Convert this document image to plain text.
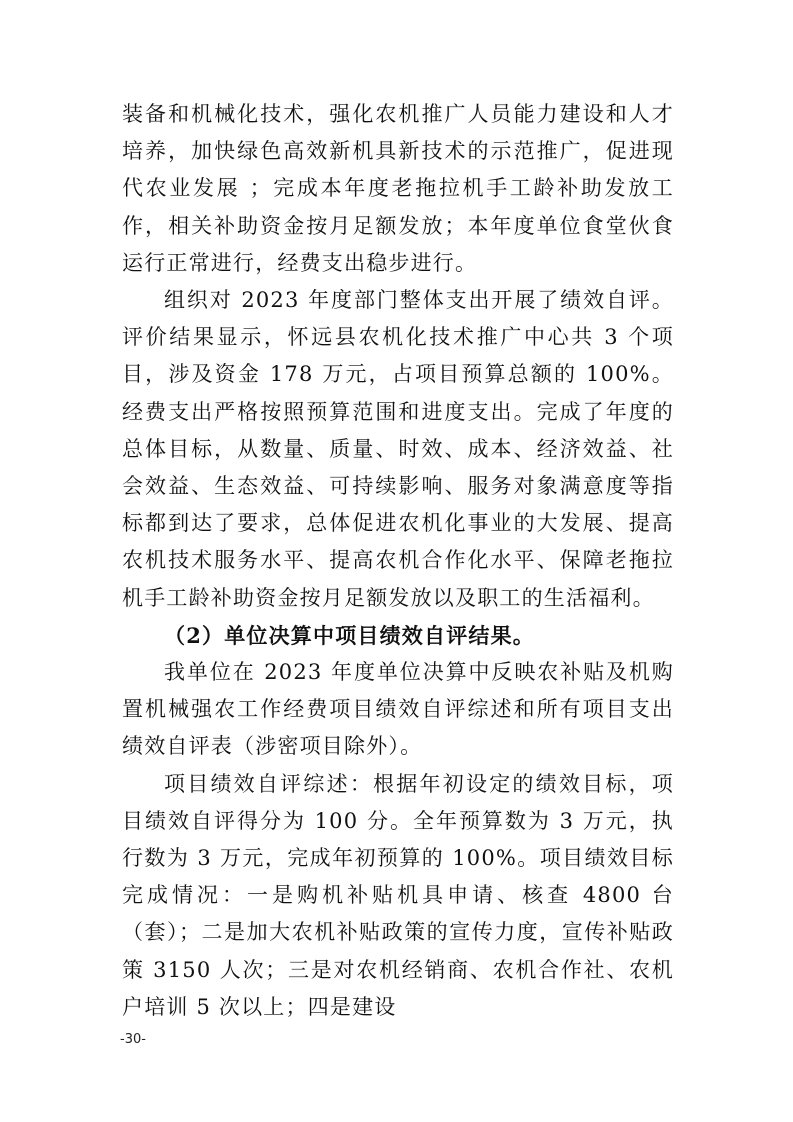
装备和机械化技术，强化农机推广人员能力建设和人才培养，加快绿色高效新机具新技术的示范推广，促进现代农业发展 ；完成本年度老拖拉机手工龄补助发放工作，相关补助资金按月足额发放；本年度单位食堂伙食运行正常进行，经费支出稳步进行。

组织对 2023 年度部门整体支出开展了绩效自评。评价结果显示，怀远县农机化技术推广中心共 3 个项目，涉及资金 178 万元，占项目预算总额的 100%。经费支出严格按照预算范围和进度支出。完成了年度的总体目标，从数量、质量、时效、成本、经济效益、社会效益、生态效益、可持续影响、服务对象满意度等指标都到达了要求，总体促进农机化事业的大发展、提高农机技术服务水平、提高农机合作化水平、保障老拖拉机手工龄补助资金按月足额发放以及职工的生活福利。

（2）单位决算中项目绩效自评结果。

我单位在 2023 年度单位决算中反映农补贴及机购置机械强农工作经费项目绩效自评综述和所有项目支出绩效自评表（涉密项目除外）。

项目绩效自评综述：根据年初设定的绩效目标，项目绩效自评得分为 100 分。全年预算数为 3 万元，执行数为 3 万元，完成年初预算的 100%。项目绩效目标完成情况：一是购机补贴机具申请、核查 4800 台（套）；二是加大农机补贴政策的宣传力度，宣传补贴政策 3150 人次；三是对农机经销商、农机合作社、农机户培训 5 次以上；四是建设

-30-
